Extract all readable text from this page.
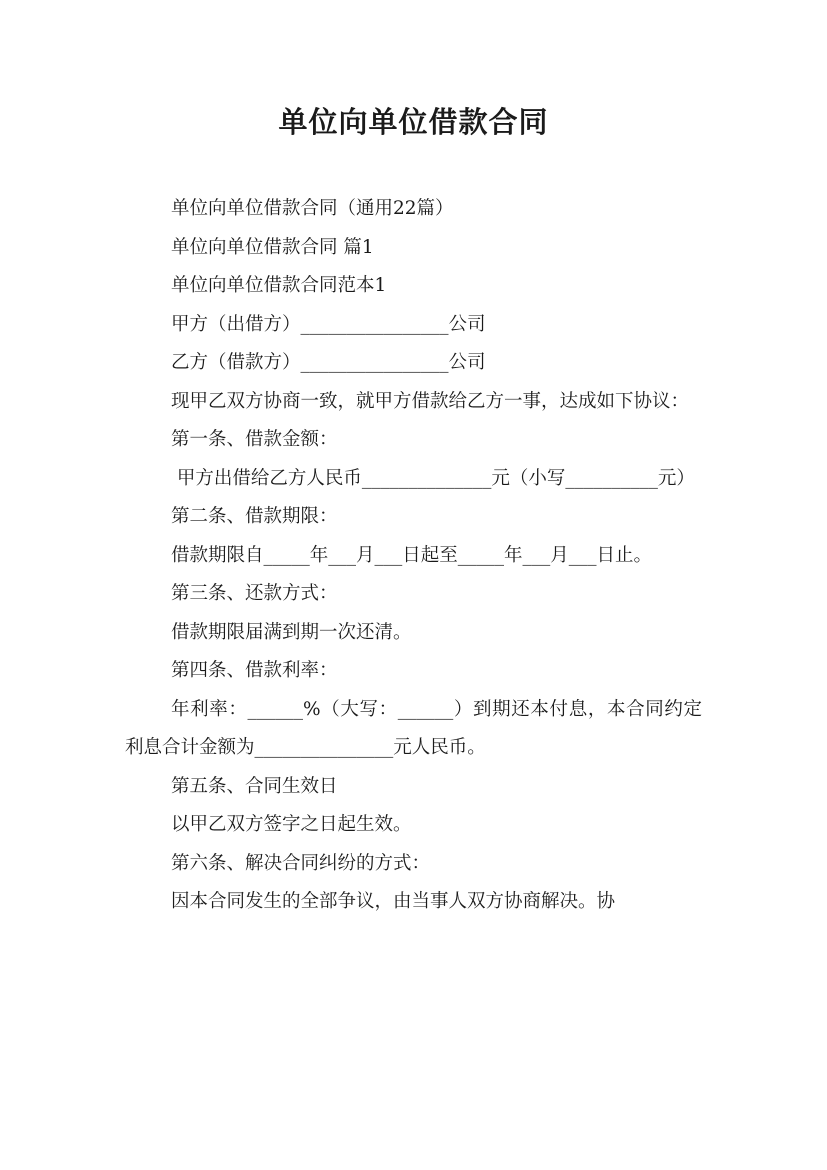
单位向单位借款合同

单位向单位借款合同（通用22篇）

单位向单位借款合同 篇1

单位向单位借款合同范本1

甲方（出借方）________________公司

乙方（借款方）________________公司

现甲乙双方协商一致，就甲方借款给乙方一事，达成如下协议：

第一条、借款金额：

甲方出借给乙方人民币______________元（小写__________元）

第二条、借款期限：

借款期限自_____年___月___日起至_____年___月___日止。

第三条、还款方式：

借款期限届满到期一次还清。

第四条、借款利率：

年利率：______%（大写：______）到期还本付息，本合同约定利息合计金额为_______________元人民币。

第五条、合同生效日

以甲乙双方签字之日起生效。

第六条、解决合同纠纷的方式：

因本合同发生的全部争议，由当事人双方协商解决。协
